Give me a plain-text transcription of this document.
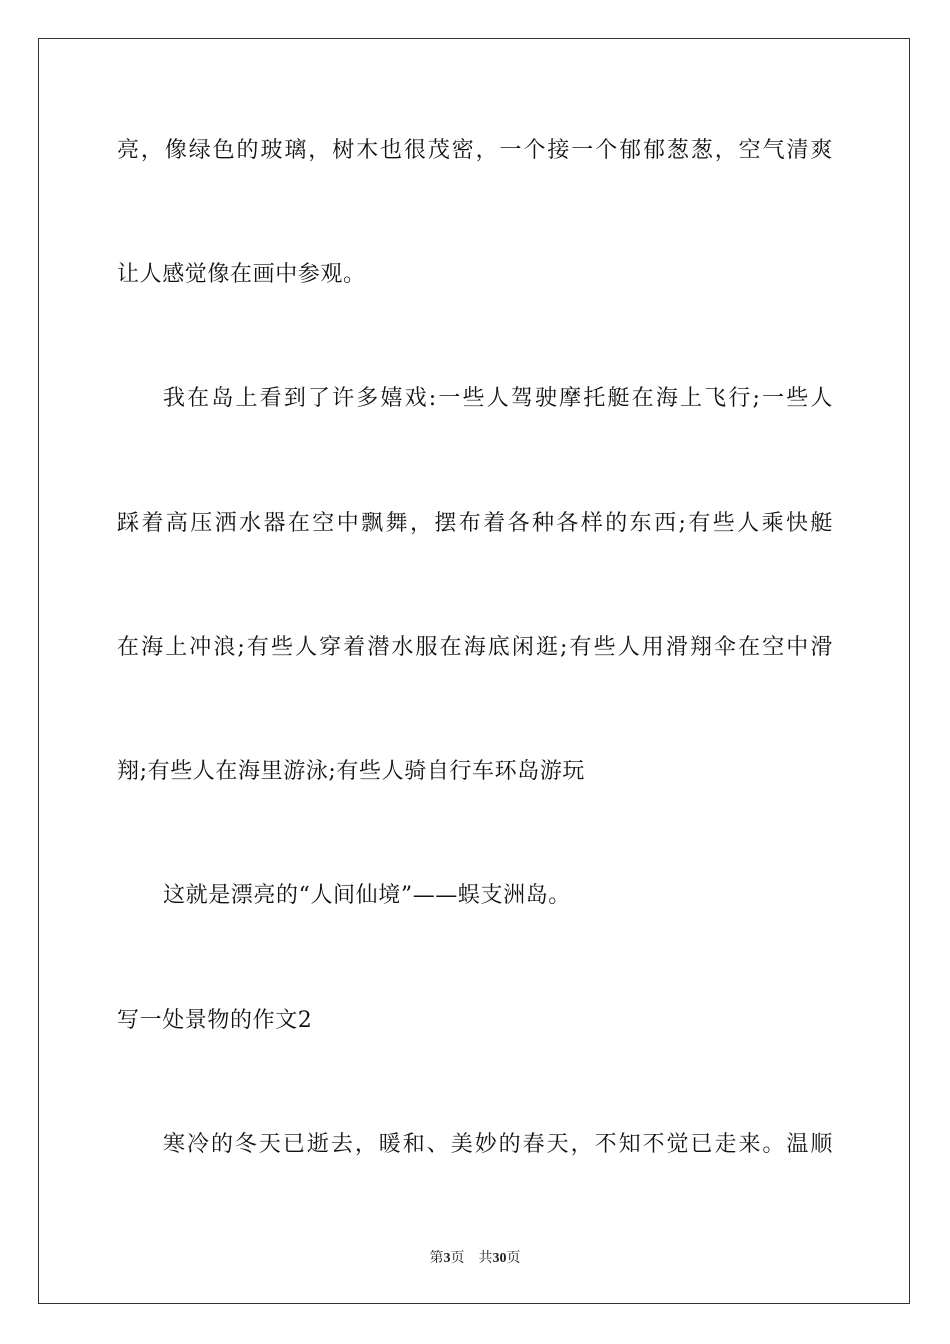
亮，像绿色的玻璃，树木也很茂密，一个接一个郁郁葱葱，空气清爽
让人感觉像在画中参观。
我在岛上看到了许多嬉戏:一些人驾驶摩托艇在海上飞行;一些人
踩着高压洒水器在空中飘舞，摆布着各种各样的东西;有些人乘快艇
在海上冲浪;有些人穿着潜水服在海底闲逛;有些人用滑翔伞在空中滑
翔;有些人在海里游泳;有些人骑自行车环岛游玩
这就是漂亮的“人间仙境”——蜈支洲岛。
写一处景物的作文2
寒冷的冬天已逝去，暖和、美妙的春天，不知不觉已走来。温顺
第3页 共30页
